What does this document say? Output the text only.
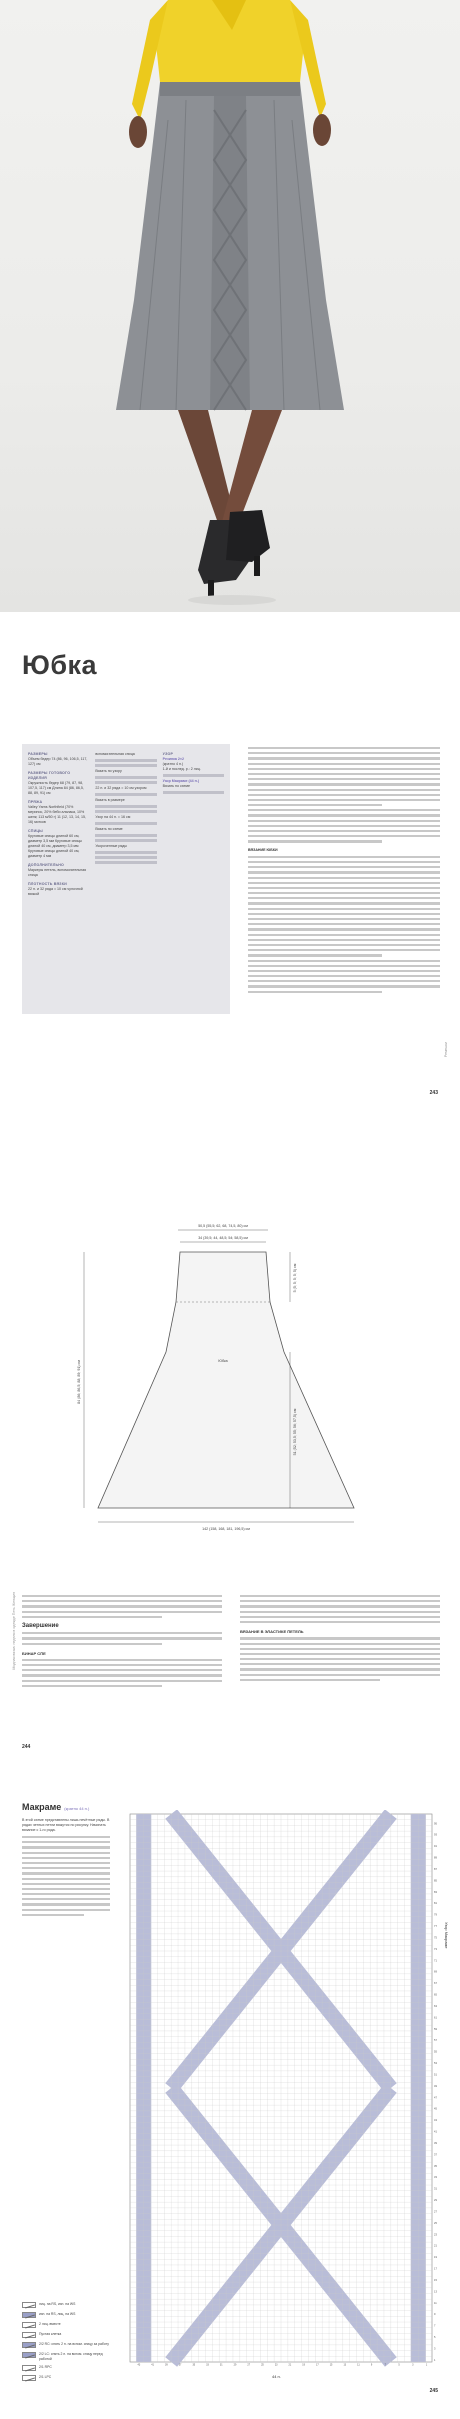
Юбка
РАЗМЕРЫ
Объем бедер 74 (86, 96, 106,5, 117, 127) см
РАЗМЕРЫ ГОТОВОГО ИЗДЕЛИЯ
Окружность бедер 68 (79, 87, 98, 107,5, 117) см Длина 84 (86, 86,5, 88, 89, 91) см
ПРЯЖА
Valley Yarns Northfield (70% меринос, 20% беби альпака, 10% шелк; 113 м/50 г) 11 (12, 13, 14, 15, 16) мотков
СПИЦЫ
Круговые спицы длиной 60 см, диаметр 3,5 мм Круговые спицы длиной 40 см, диаметр 3,5 мм Круговые спицы длиной 40 см, диаметр 4 мм
ДОПОЛНИТЕЛЬНО
Маркеры петель, вспомогательная спица
ПЛОТНОСТЬ ВЯЗКИ
22 п. и 32 ряда = 10 см чулочной вязкой
вспомогательная спица
Вязать по узору
22 п. и 32 ряда = 10 см узором
Вязать в размере
Узор на 44 п. = 16 см
Вязать по схеме
Укороченные ряды
УЗОР
Резинка 2×2
(кратно 4 п.)
1-й и послед. р.: 2 лиц.
Узор Макраме (44 п.)
Вязать по схеме
ВЯЗАНИЕ ЮБКИ
Ремешки
243
50,5 (55,5; 62, 68, 74,5, 80) см
34 (39,5; 44, 48,5; 54; 58,5) см
Юбка
142 (158, 168, 181, 196,5) см
84 (86; 86,5; 88; 89; 91) см
51 (52; 53,5; 55; 56; 57,5) см
5 (5; 5; 5; 5; 5) см
Завершение
БИНАР СПЕ
ВЯЗАНИЕ В ЭЛАСТИКЕ ПЕТЕЛЬ
Модная вязка: неделя в одежде Петь Женщин
244
Макраме (кратно 44 п.)
В этой схеме представлены лишь нечётные ряды. В рядах четных петли вяжутся по рисунку. Начинать вязание с 1-го ряда.
лиц. на RS, изн. на WS
изн. на RS, лиц. на WS
2 лиц. вместе
Пустая клетка
2/2 RC: снять 2 п. на вспом. спицу за работу
2/2 LC: снять 2 п. на вспом. спицу перед работой
2/1 RPC
2/1 LPC
1
3
5
7
9
11
13
15
17
19
21
23
25
27
29
31
33
35
37
39
41
43
45
47
49
51
53
55
57
59
61
63
65
67
69
71
73
75
77
79
81
83
85
87
89
91
93
95
1
3
5
7
9
11
13
15
17
19
21
23
25
27
29
31
33
35
37
39
41
43
Узор Макраме
44 п.
245
